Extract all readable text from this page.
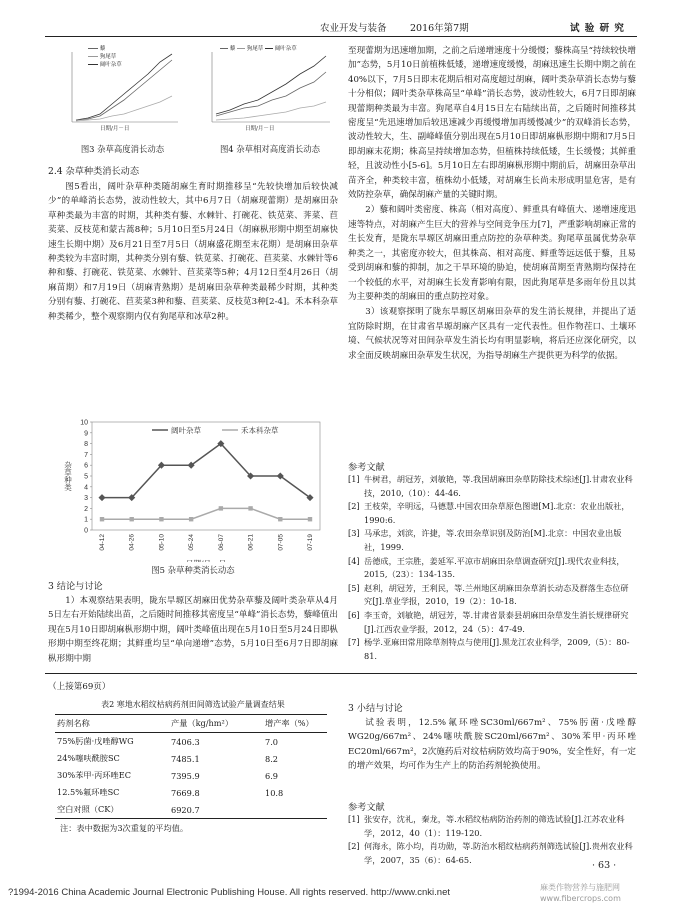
农业开发与装备 2016年第7期	试 验 研 究
藜
狗尾草
阔叶杂草
日期/月－日
图3 杂草高度消长动态
藜 狗尾草 阔叶杂草
日期/月－日
图4 杂草相对高度消长动态
2.4 杂草种类消长动态
图5看出，阔叶杂草种类随胡麻生育时期推移呈“先较快增加后较快减少”的单峰消长态势，波动性较大，其中6月7日（胡麻现蕾期）是胡麻田杂草种类最为丰富的时期，其种类有藜、水棘针、打碗花、铁苋菜、荠菜、苣荬菜、反枝苋和蒙古蒿8种；5月10日至5月24日（胡麻枞形期中期至胡麻快速生长期中期）及6月21日至7月5日（胡麻盛花期至末花期）是胡麻田杂草种类较为丰富时期，其种类分别有藜、铁苋菜、打碗花、苣荬菜、水棘针等6种和藜、打碗花、铁苋菜、水棘针、苣荬菜等5种；4月12日至4月26日（胡麻苗期）和7月19日（胡麻青熟期）是胡麻田杂草种类最稀少时期，其种类分别有藜、打碗花、苣荬菜3种和藜、苣荬菜、反枝苋3种[2-4]。禾本科杂草种类稀少，整个观察期内仅有狗尾草和冰草2种。
0
1
2
3
4
5
6
7
8
9
10
04-12	04-26	05-10	05-24	06-07	06-21	07-05	07-19
杂草种类
阔叶杂草	禾本科杂草
图5 杂草种类消长动态
3 结论与讨论
1）本观察结果表明，陇东旱塬区胡麻田优势杂草藜及阔叶类杂草从4月5日左右开始陆续出苗，之后随时间推移其密度呈“单峰”消长态势，藜峰值出现在5月10日即胡麻枞形期中期，阔叶类峰值出现在5月10日至5月24日即枞形期中期至终花期；其鲜重均呈“单向递增”态势，5月10日至6月7日即胡麻枞形期中期

至现蕾期为迅速增加期，之前之后递增速度十分缓慢；藜株高呈“持续较快增加”态势，5月10日前植株低矮，递增速度缓慢，胡麻迅速生长期中期之前在40%以下，7月5日即末花期后相对高度超过胡麻，阔叶类杂草消长态势与藜十分相似；阔叶类杂草株高呈“单峰”消长态势，波动性较大，6月7日即胡麻现蕾期种类最为丰富。狗尾草自4月15日左右陆续出苗，之后随时间推移其密度呈“先迅速增加后较迅速减少再缓慢增加再缓慢减少”的双峰消长态势，波动性较大，生、副峰峰值分别出现在5月10日即胡麻枞形期中期和7月5日即胡麻末花期；株高呈持续增加态势，但植株持续低矮，生长缓慢；其鲜重轻，且波动性小[5-6]。5月10日左右即胡麻枞形期中期前后，胡麻田杂草出苗齐全，种类较丰富，植株幼小低矮，对胡麻生长尚未形成明显危害，是有效防控杂草，确保胡麻产量的关键时期。

2）藜和阔叶类密度、株高（相对高度）、鲜重具有峰值大、递增速度迅速等特点，对胡麻产生巨大的营养与空间竞争压力[7]，严重影响胡麻正常的生长发育，是陇东旱塬区胡麻田重点防控的杂草种类。狗尾草虽属优势杂草种类之一，其密度亦较大，但其株高、相对高度、鲜重等远远低于藜，且易受到胡麻和藜的抑制，加之干旱环境的胁迫，使胡麻苗期至青熟期均保持在一个较低的水平，对胡麻生长发育影响有限，因此狗尾草是多雨年份且以其为主要种类的胡麻田的重点防控对象。

3）该观察探明了陇东旱塬区胡麻田杂草的发生消长规律，并提出了适宜防除时期，在甘肃省旱塬胡麻产区具有一定代表性。但作物茬口、土壤环境、气候状况等对田间杂草发生消长均有明显影响，将后还应深化研究，以求全面反映胡麻田杂草发生状况，为指导胡麻生产提供更为科学的依据。

参考文献
[1] 牛树君，胡冠芳，刘敏艳，等.我国胡麻田杂草防除技术综述[J].甘肃农业科技，2010,（10）：44-46.
[2] 王枝荣，辛明远，马德慧.中国农田杂草原色图谱[M].北京：农业出版社，1990:6.
[3] 马承忠，刘滨，许捷，等.农田杂草识别及防治[M].北京：中国农业出版社，1999.
[4] 岳德成，王宗胜，姜延军.平凉市胡麻田杂草调查研究[J].现代农业科技，2015,（23）：134-135.
[5] 赵利，胡冠芳，王利民，等.兰州地区胡麻田杂草消长动态及群落生态位研究[J].草业学报，2010，19（2）：10-18.
[6] 李玉奇，刘敏艳，胡冠芳，等.甘肃省景泰县胡麻田杂草发生消长规律研究[J].江西农业学报，2012，24（5）：47-49.
[7] 杨学.亚麻田常用除草剂特点与使用[J].黑龙江农业科学，2009,（5）：80-81.
（上接第69页）
表2 寒地水稻纹枯病药剂田间筛选试验产量调查结果
药剂名称	产量（kg/hm²）	增产率（%）
75%肟菌·戊唑醇WG	7406.3	7.0
24%噻呋酰胺SC	7485.1	8.2
30%苯甲·丙环唑EC	7395.9	6.9
12.5%氟环唑SC	7669.8	10.8
空白对照（CK）	6920.7	
注：表中数据为3次重复的平均值。
3 小结与讨论
试验表明，12.5%氟环唑SC30ml/667m²、75%肟菌·戊唑醇WG20g/667m²、24%噻呋酰胺SC20ml/667m²、30%苯甲·丙环唑EC20ml/667m²，2次施药后对纹枯病防效均高于90%，安全性好，有一定的增产效果，均可作为生产上的防治药剂轮换使用。
参考文献
[1] 张安存，沈礼，秦龙，等.水稻纹枯病防治药剂的筛选试验[J].江苏农业科学，2012，40（1）：119-120.
[2] 何海永，陈小均，肖功勋，等.防治水稻纹枯病药剂筛选试验[J].贵州农业科学，2007，35（6）：64-65.
· 63 ·
?1994-2016 China Academic Journal Electronic Publishing House. All rights reserved. http://www.cnki.net	麻类作物营养与施肥网 www.fibercrops.com
